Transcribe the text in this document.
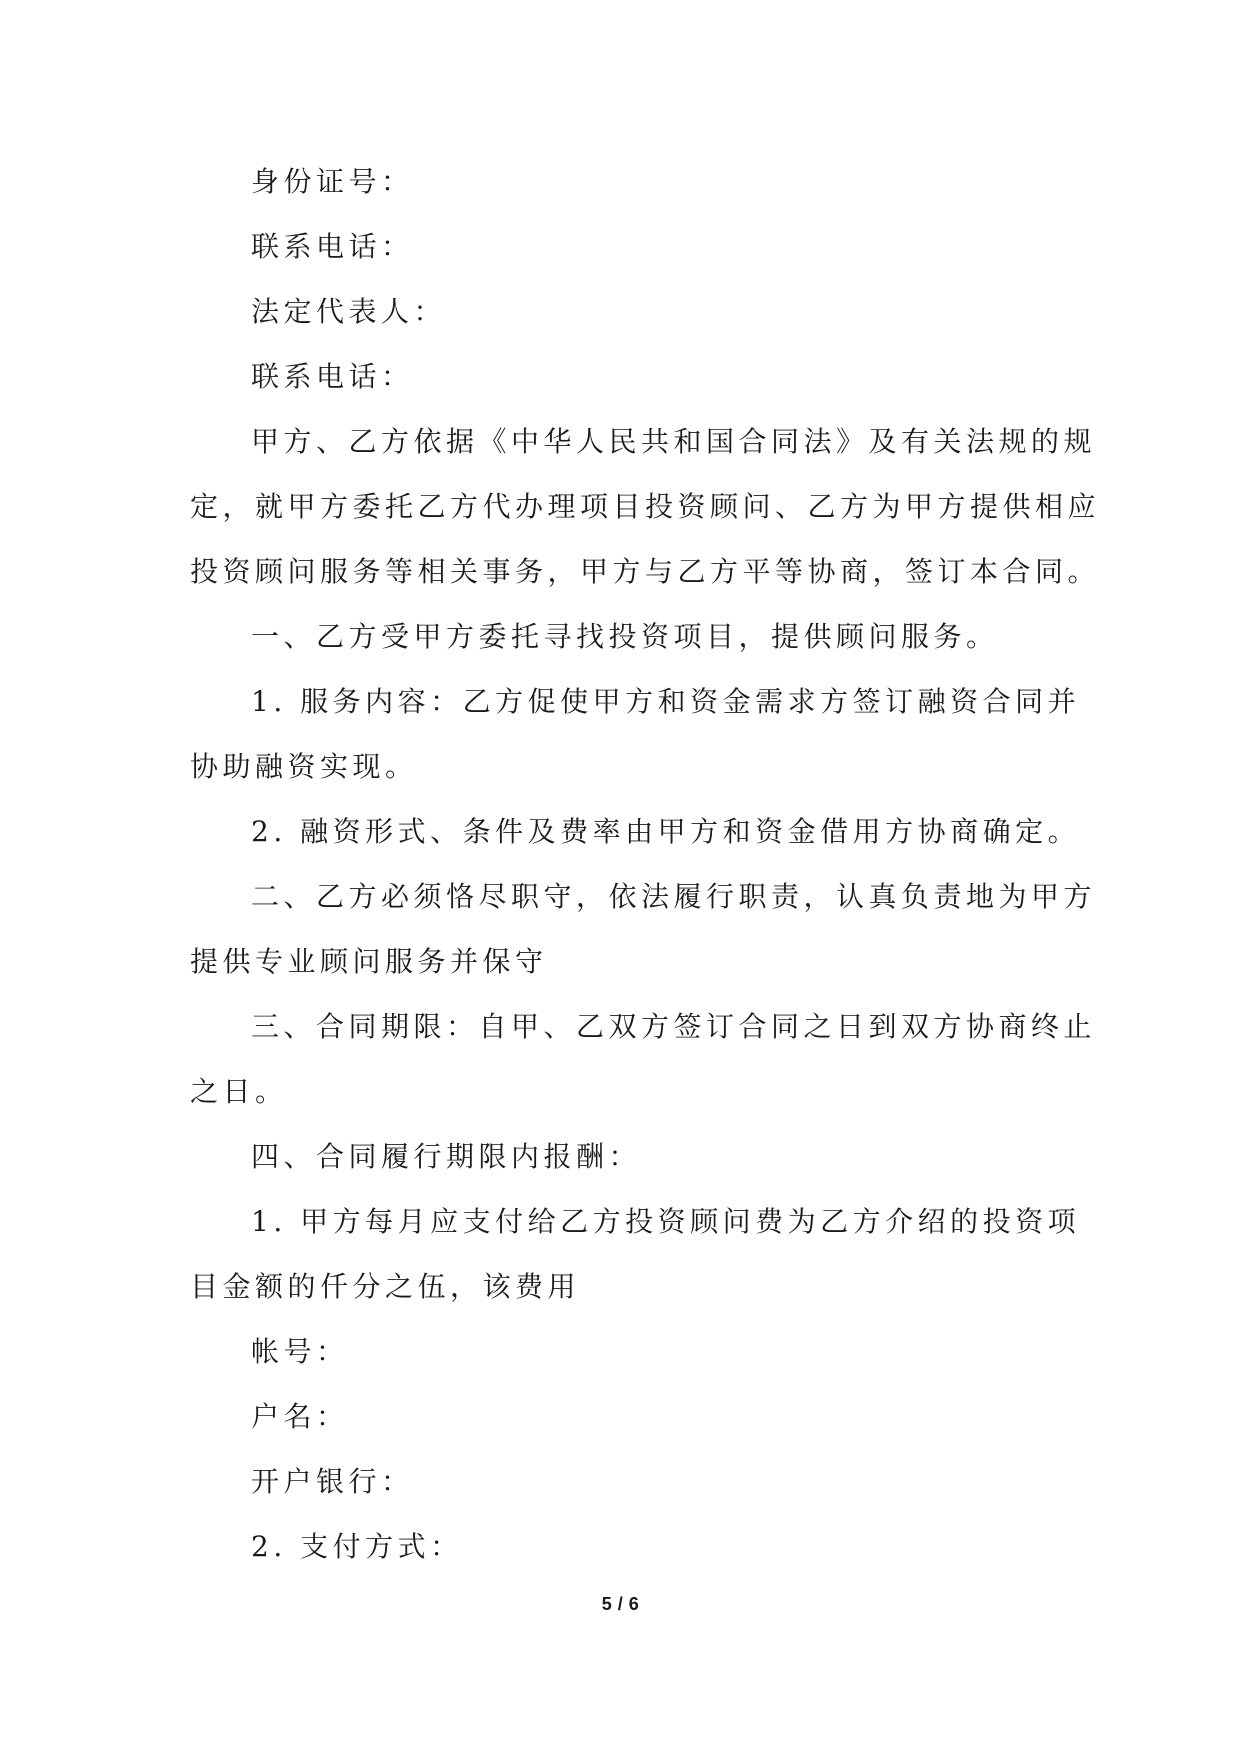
身份证号：
联系电话：
法定代表人：
联系电话：
甲方、乙方依据《中华人民共和国合同法》及有关法规的规
定，就甲方委托乙方代办理项目投资顾问、乙方为甲方提供相应
投资顾问服务等相关事务，甲方与乙方平等协商，签订本合同。
一、乙方受甲方委托寻找投资项目，提供顾问服务。
1. 服务内容：乙方促使甲方和资金需求方签订融资合同并
协助融资实现。
2. 融资形式、条件及费率由甲方和资金借用方协商确定。
二、乙方必须恪尽职守，依法履行职责，认真负责地为甲方
提供专业顾问服务并保守
三、合同期限：自甲、乙双方签订合同之日到双方协商终止
之日。
四、合同履行期限内报酬：
1. 甲方每月应支付给乙方投资顾问费为乙方介绍的投资项
目金额的仟分之伍，该费用
帐号：
户名：
开户银行：
2. 支付方式：
5 / 6
